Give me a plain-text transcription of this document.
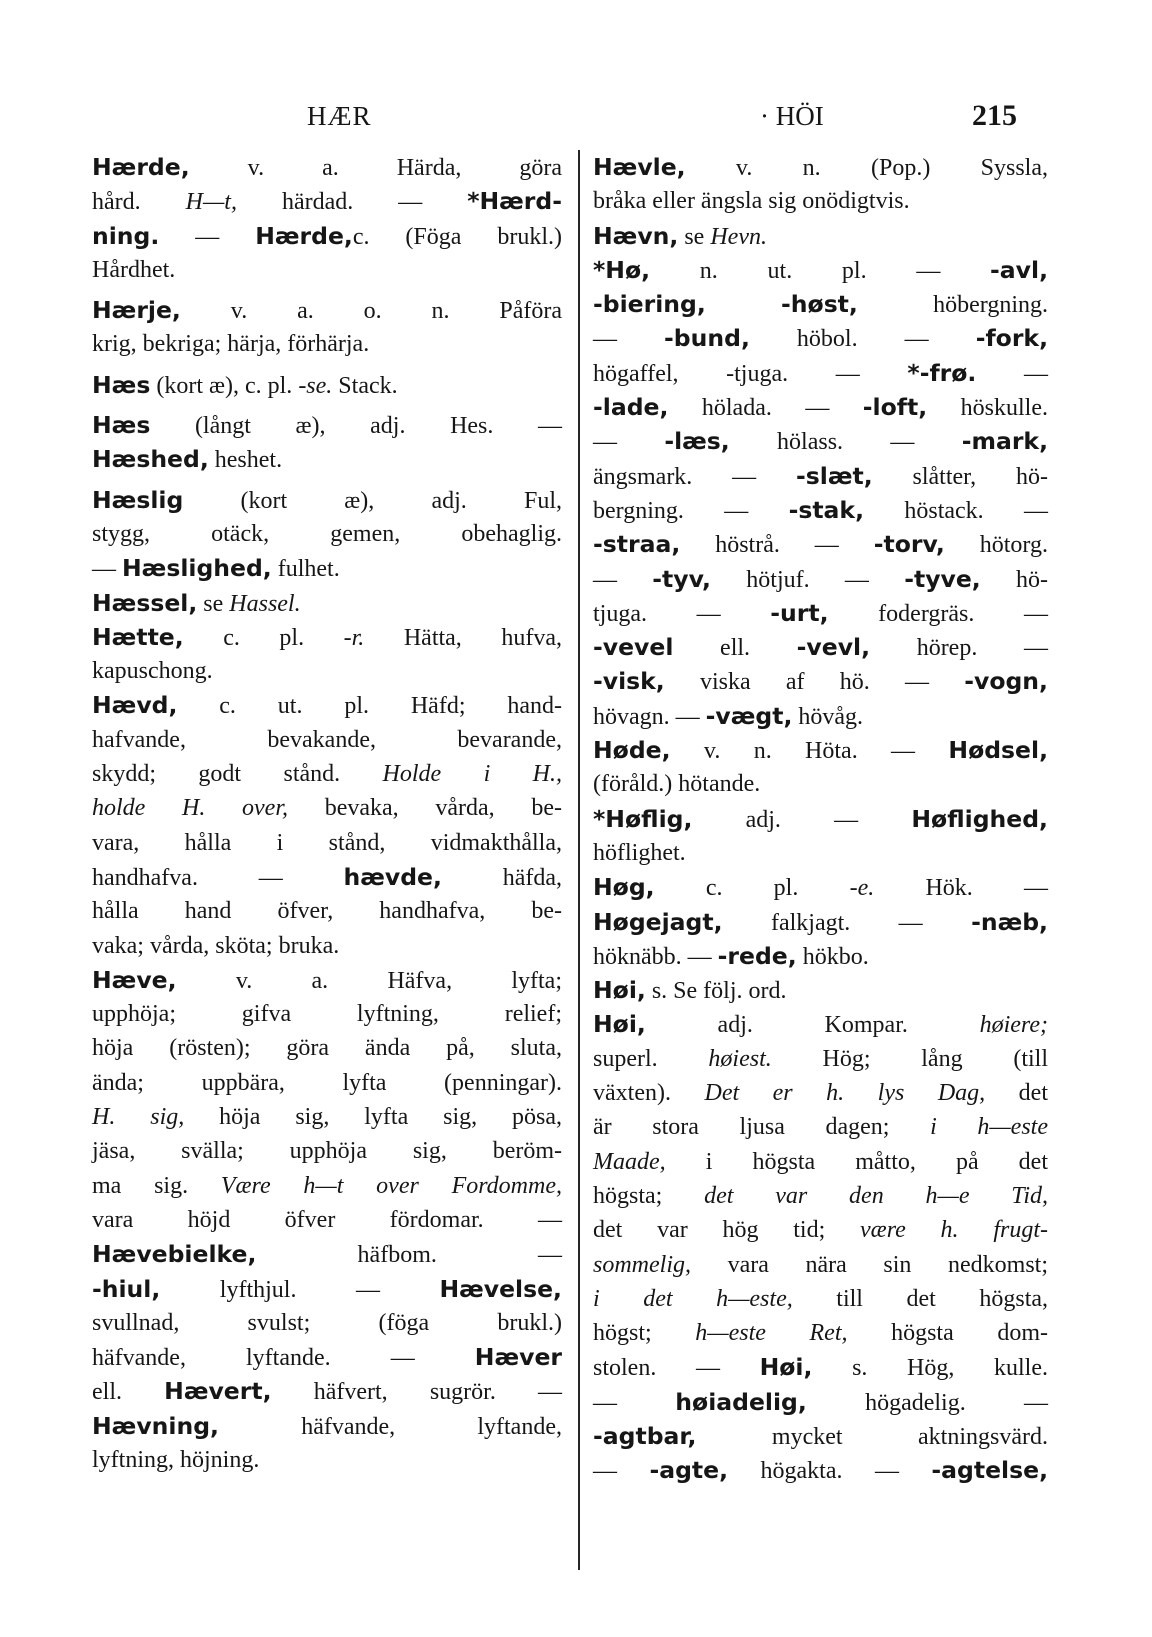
HÆR	· HÖI	215
Hærde, v. a. Härda, göra
hård. H—t, härdad. — *Hærd-
ning. — Hærde,c. (Föga brukl.)
Hårdhet.
Hærje, v. a. o. n. Påföra
krig, bekriga; härja, förhärja.
Hæs (kort æ), c. pl. -se. Stack.
Hæs (långt æ), adj. Hes. —
Hæshed, heshet.
Hæslig (kort æ), adj. Ful,
stygg, otäck, gemen, obehaglig.
— Hæslighed, fulhet.
Hæssel, se Hassel.
Hætte, c. pl. -r. Hätta, hufva,
kapuschong.
Hævd, c. ut. pl. Häfd; hand-
hafvande, bevakande, bevarande,
skydd; godt stånd. Holde i H.,
holde H. over, bevaka, vårda, be-
vara, hålla i stånd, vidmakthålla,
handhafva. — hævde, häfda,
hålla hand öfver, handhafva, be-
vaka; vårda, sköta; bruka.
Hæve, v. a. Häfva, lyfta;
upphöja; gifva lyftning, relief;
höja (rösten); göra ända på, sluta,
ända; uppbära, lyfta (penningar).
H. sig, höja sig, lyfta sig, pösa,
jäsa, svälla; upphöja sig, beröm-
ma sig. Være h—t over Fordomme,
vara höjd öfver fördomar. —
Hævebielke, häfbom. —
-hiul, lyfthjul. — Hævelse,
svullnad, svulst; (föga brukl.)
häfvande, lyftande. — Hæver
ell. Hævert, häfvert, sugrör. —
Hævning, häfvande, lyftande,
lyftning, höjning.
Hævle, v. n. (Pop.) Syssla,
bråka eller ängsla sig onödigtvis.
Hævn, se Hevn.
*Hø, n. ut. pl. — -avl,
-biering,	-høst, höbergning.
— -bund, höbol. — -fork,
högaffel, -tjuga. — *-frø. —
-lade, hölada. — -loft, höskulle.
— -læs, hölass. — -mark,
ängsmark. — -slæt, slåtter, hö-
bergning. — -stak, höstack. —
-straa, höstrå. — -torv, hötorg.
— -tyv, hötjuf. — -tyve, hö-
tjuga. — -urt, fodergräs. —
-vevel ell. -vevl, hörep. —
-visk, viska af hö. — -vogn,
hövagn. — -vægt, hövåg.
Høde, v. n. Höta. — Hødsel,
(föråld.) hötande.
*Høflig, adj. — Høflighed,
höflighet.
Høg, c. pl. -e. Hök. —
Høgejagt, falkjagt. — -næb,
höknäbb. — -rede, hökbo.
Høi, s. Se följ. ord.
Høi, adj. Kompar. høiere;
superl. høiest. Hög; lång (till
växten). Det er h. lys Dag, det
är stora ljusa dagen; i h—este
Maade, i högsta måtto, på det
högsta; det var den h—e Tid,
det var hög tid; være h. frugt-
sommelig, vara nära sin nedkomst;
i det h—este, till det högsta,
högst; h—este Ret, högsta dom-
stolen. — Høi, s. Hög, kulle.
— høiadelig, högadelig. —
-agtbar, mycket aktningsvärd.
— -agte, högakta. — -agtelse,
